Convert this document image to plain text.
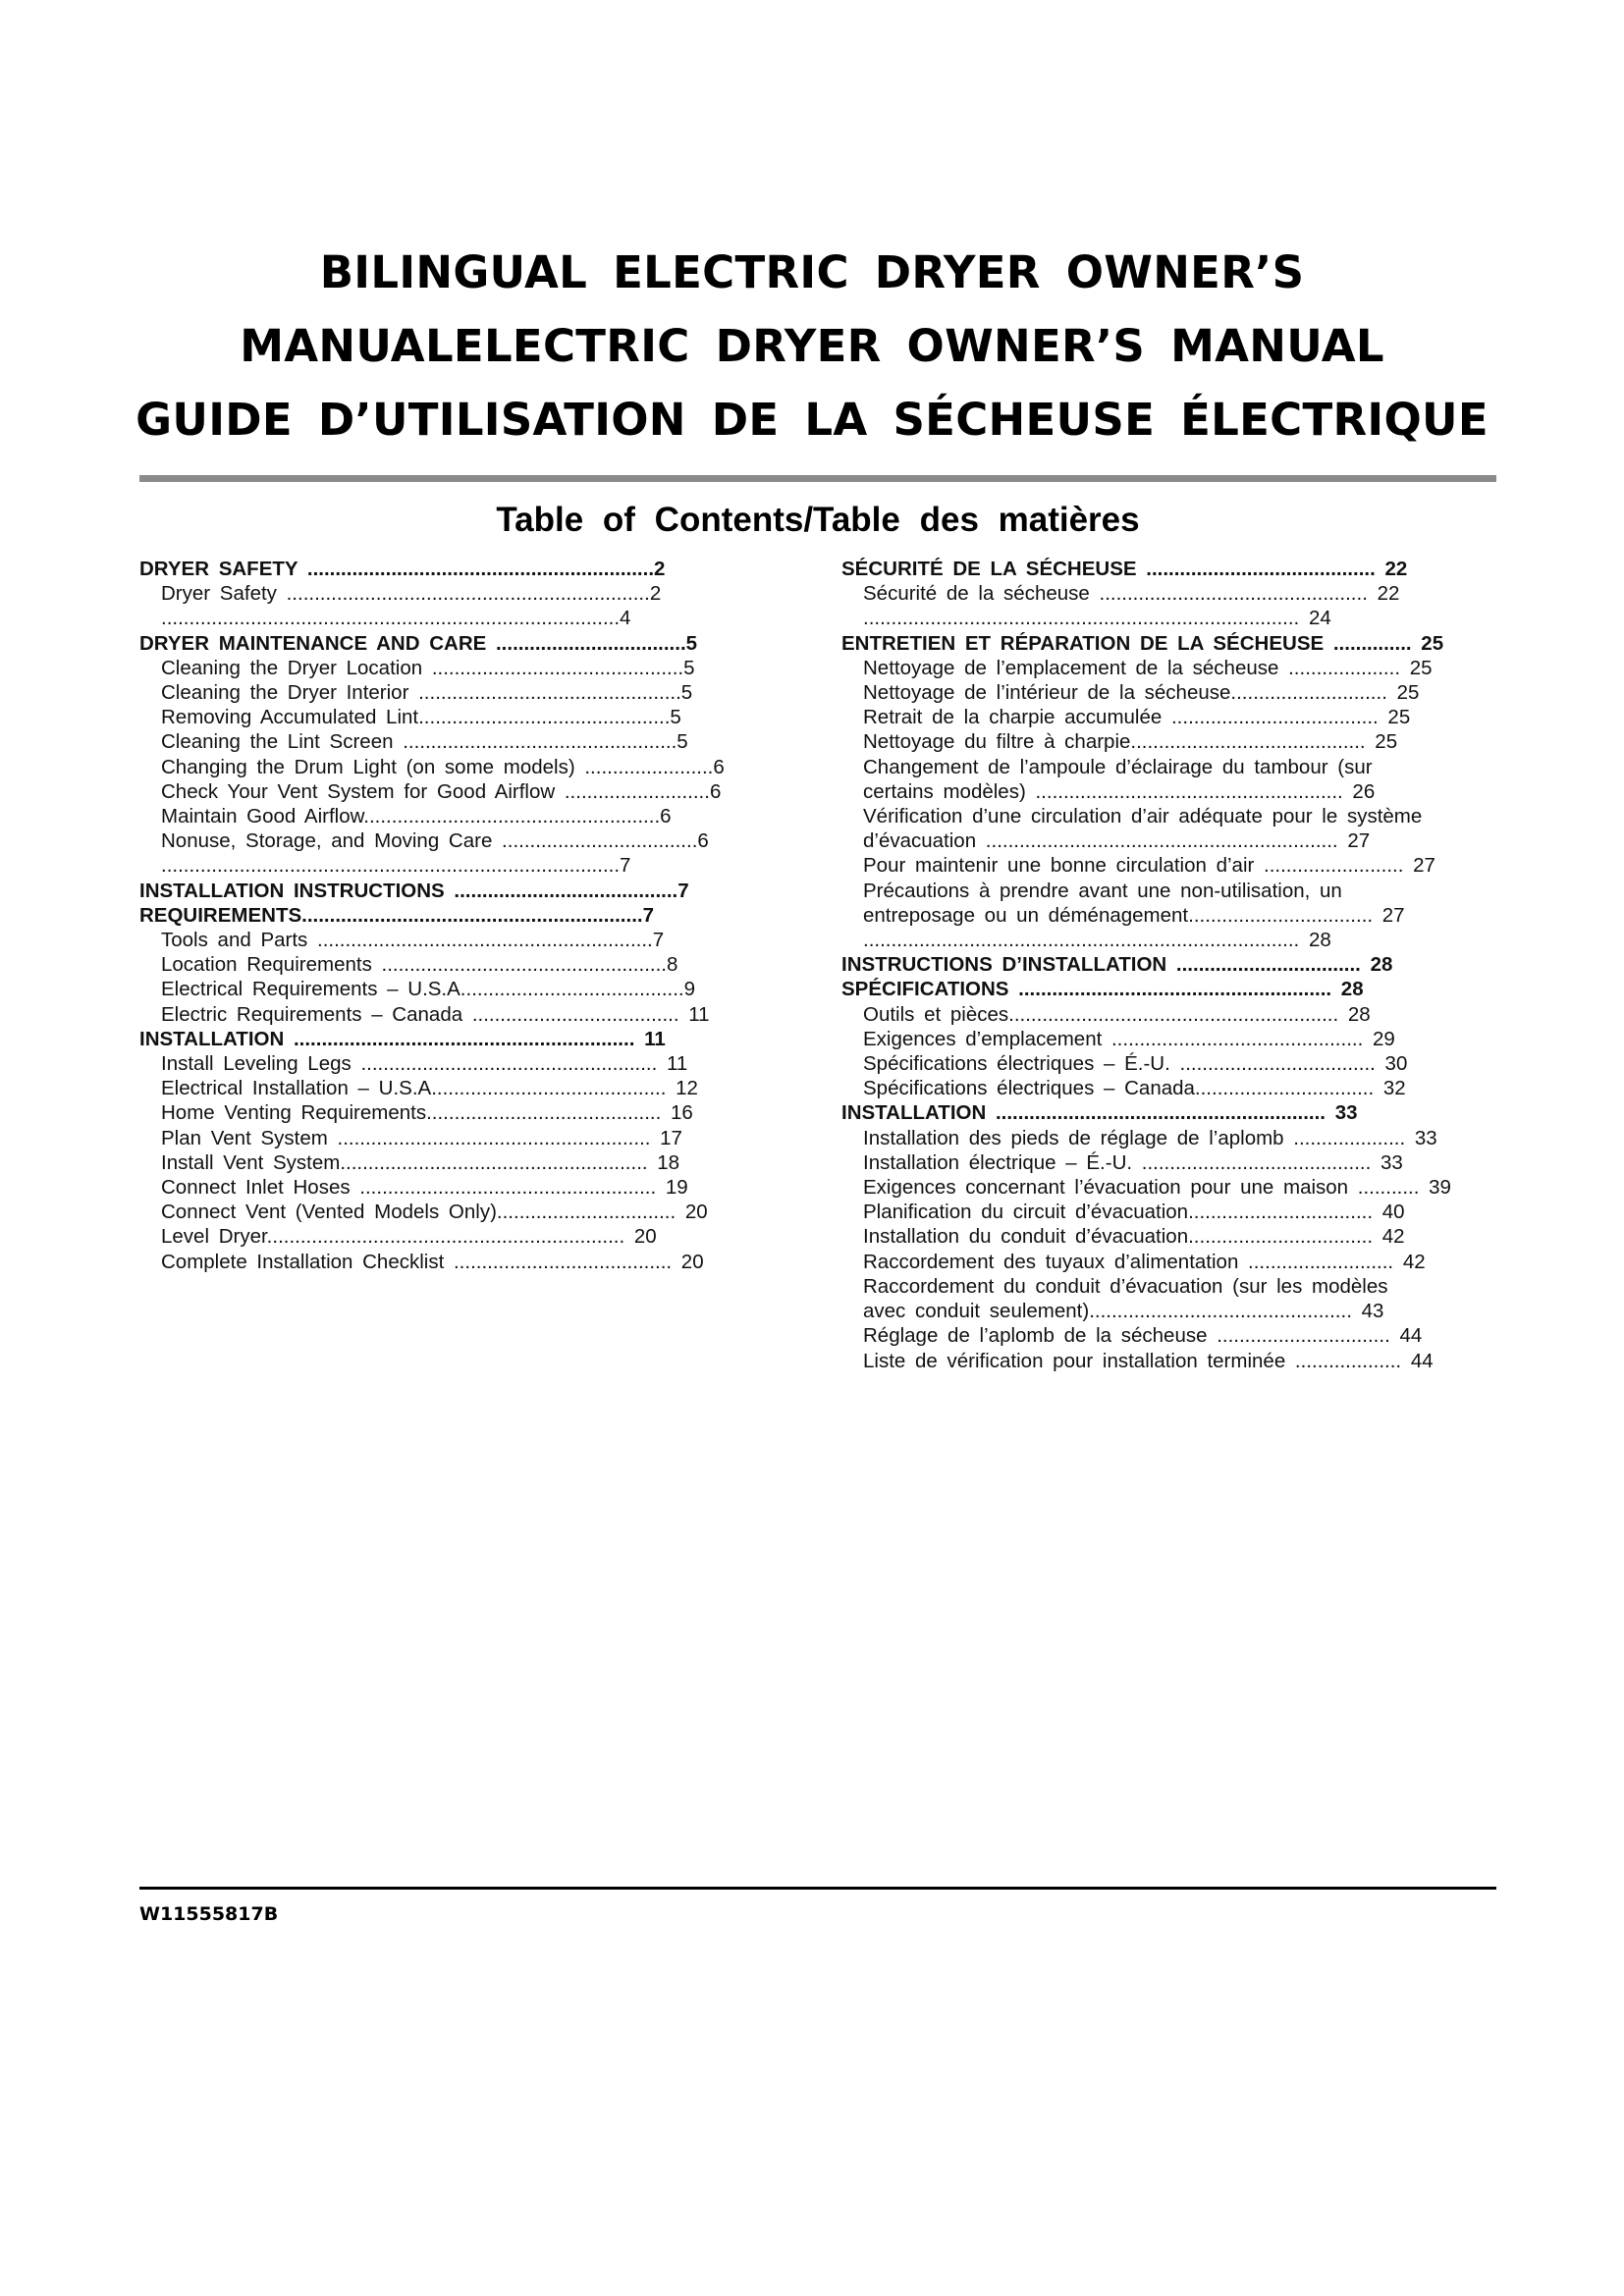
BILINGUAL ELECTRIC DRYER OWNER’S
MANUALELECTRIC DRYER OWNER’S MANUAL
GUIDE D’UTILISATION DE LA SÉCHEUSE ÉLECTRIQUE
Table of Contents/Table des matières
DRYER SAFETY ..............................................................2
Dryer Safety .................................................................2
..................................................................................4
DRYER MAINTENANCE AND CARE ..................................5
Cleaning the Dryer Location .............................................5
Cleaning the Dryer Interior ...............................................5
Removing Accumulated Lint.............................................5
Cleaning the Lint Screen .................................................5
Changing the Drum Light (on some models) .......................6
Check Your Vent System for Good Airflow ..........................6
Maintain Good Airflow.....................................................6
Nonuse, Storage, and Moving Care ...................................6
..................................................................................7
INSTALLATION INSTRUCTIONS ........................................7
REQUIREMENTS.............................................................7
Tools and Parts ............................................................7
Location Requirements ...................................................8
Electrical Requirements – U.S.A........................................9
Electric Requirements – Canada ..................................... 11
INSTALLATION ............................................................. 11
Install Leveling Legs ..................................................... 11
Electrical Installation – U.S.A.......................................... 12
Home Venting Requirements.......................................... 16
Plan Vent System ........................................................ 17
Install Vent System....................................................... 18
Connect Inlet Hoses ..................................................... 19
Connect Vent (Vented Models Only)................................ 20
Level Dryer................................................................ 20
Complete Installation Checklist ....................................... 20
SÉCURITÉ DE LA SÉCHEUSE ......................................... 22
Sécurité de la sécheuse ................................................ 22
.............................................................................. 24
ENTRETIEN ET RÉPARATION DE LA SÉCHEUSE .............. 25
Nettoyage de l’emplacement de la sécheuse .................... 25
Nettoyage de l’intérieur de la sécheuse............................ 25
Retrait de la charpie accumulée ..................................... 25
Nettoyage du filtre à charpie.......................................... 25
Changement de l’ampoule d’éclairage du tambour (sur
certains modèles) ....................................................... 26
Vérification d’une circulation d’air adéquate pour le système
d’évacuation ............................................................... 27
Pour maintenir une bonne circulation d’air ......................... 27
Précautions à prendre avant une non-utilisation, un
entreposage ou un déménagement................................. 27
.............................................................................. 28
INSTRUCTIONS D’INSTALLATION ................................. 28
SPÉCIFICATIONS ........................................................ 28
Outils et pièces........................................................... 28
Exigences d’emplacement ............................................. 29
Spécifications électriques – É.-U. ................................... 30
Spécifications électriques – Canada................................ 32
INSTALLATION ........................................................... 33
Installation des pieds de réglage de l’aplomb .................... 33
Installation électrique – É.-U. ......................................... 33
Exigences concernant l’évacuation pour une maison ........... 39
Planification du circuit d’évacuation................................. 40
Installation du conduit d’évacuation................................. 42
Raccordement des tuyaux d’alimentation .......................... 42
Raccordement du conduit d’évacuation (sur les modèles
avec conduit seulement)............................................... 43
Réglage de l’aplomb de la sécheuse ............................... 44
Liste de vérification pour installation terminée ................... 44
W11555817B
